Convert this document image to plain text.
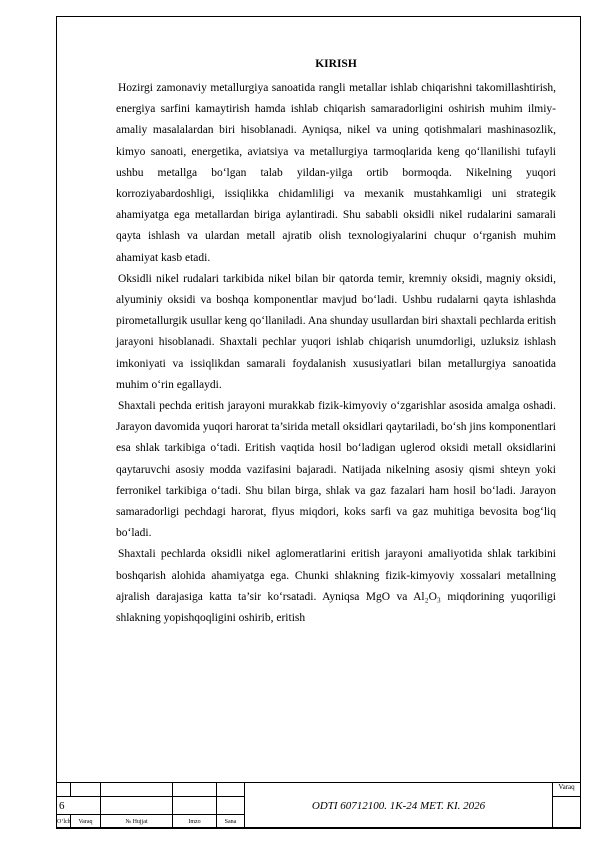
KIRISH

Hozirgi zamonaviy metallurgiya sanoatida rangli metallar ishlab chiqarishni takomillashtirish, energiya sarfini kamaytirish hamda ishlab chiqarish samaradorligini oshirish muhim ilmiy-amaliy masalalardan biri hisoblanadi. Ayniqsa, nikel va uning qotishmalari mashinasozlik, kimyo sanoati, energetika, aviatsiya va metallurgiya tarmoqlarida keng qo‘llanilishi tufayli ushbu metallga bo‘lgan talab yildan-yilga ortib bormoqda. Nikelning yuqori korroziyabardoshligi, issiqlikka chidamliligi va mexanik mustahkamligi uni strategik ahamiyatga ega metallardan biriga aylantiradi. Shu sababli oksidli nikel rudalarini samarali qayta ishlash va ulardan metall ajratib olish texnologiyalarini chuqur o‘rganish muhim ahamiyat kasb etadi.

Oksidli nikel rudalari tarkibida nikel bilan bir qatorda temir, kremniy oksidi, magniy oksidi, alyuminiy oksidi va boshqa komponentlar mavjud bo‘ladi. Ushbu rudalarni qayta ishlashda pirometallurgik usullar keng qo‘llaniladi. Ana shunday usullardan biri shaxtali pechlarda eritish jarayoni hisoblanadi. Shaxtali pechlar yuqori ishlab chiqarish unumdorligi, uzluksiz ishlash imkoniyati va issiqlikdan samarali foydalanish xususiyatlari bilan metallurgiya sanoatida muhim o‘rin egallaydi.

Shaxtali pechda eritish jarayoni murakkab fizik-kimyoviy o‘zgarishlar asosida amalga oshadi. Jarayon davomida yuqori harorat ta’sirida metall oksidlari qaytariladi, bo‘sh jins komponentlari esa shlak tarkibiga o‘tadi. Eritish vaqtida hosil bo‘ladigan uglerod oksidi metall oksidlarini qaytaruvchi asosiy modda vazifasini bajaradi. Natijada nikelning asosiy qismi shteyn yoki ferronikel tarkibiga o‘tadi. Shu bilan birga, shlak va gaz fazalari ham hosil bo‘ladi. Jarayon samaradorligi pechdagi harorat, flyus miqdori, koks sarfi va gaz muhitiga bevosita bog‘liq bo‘ladi.

Shaxtali pechlarda oksidli nikel aglomeratlarini eritish jarayoni amaliyotida shlak tarkibini boshqarish alohida ahamiyatga ega. Chunki shlakning fizik-kimyoviy xossalari metallning ajralish darajasiga katta ta’sir ko‘rsatadi. Ayniqsa MgO va Al₂O₃ miqdorining yuqoriligi shlakning yopishqoqligini oshirib, eritish

					ODTI 60712100. 1K-24 MET. KI. 2026	Varaq
6						
O‘lch	Varaq	№ Hujjat	Imzo	Sana		
